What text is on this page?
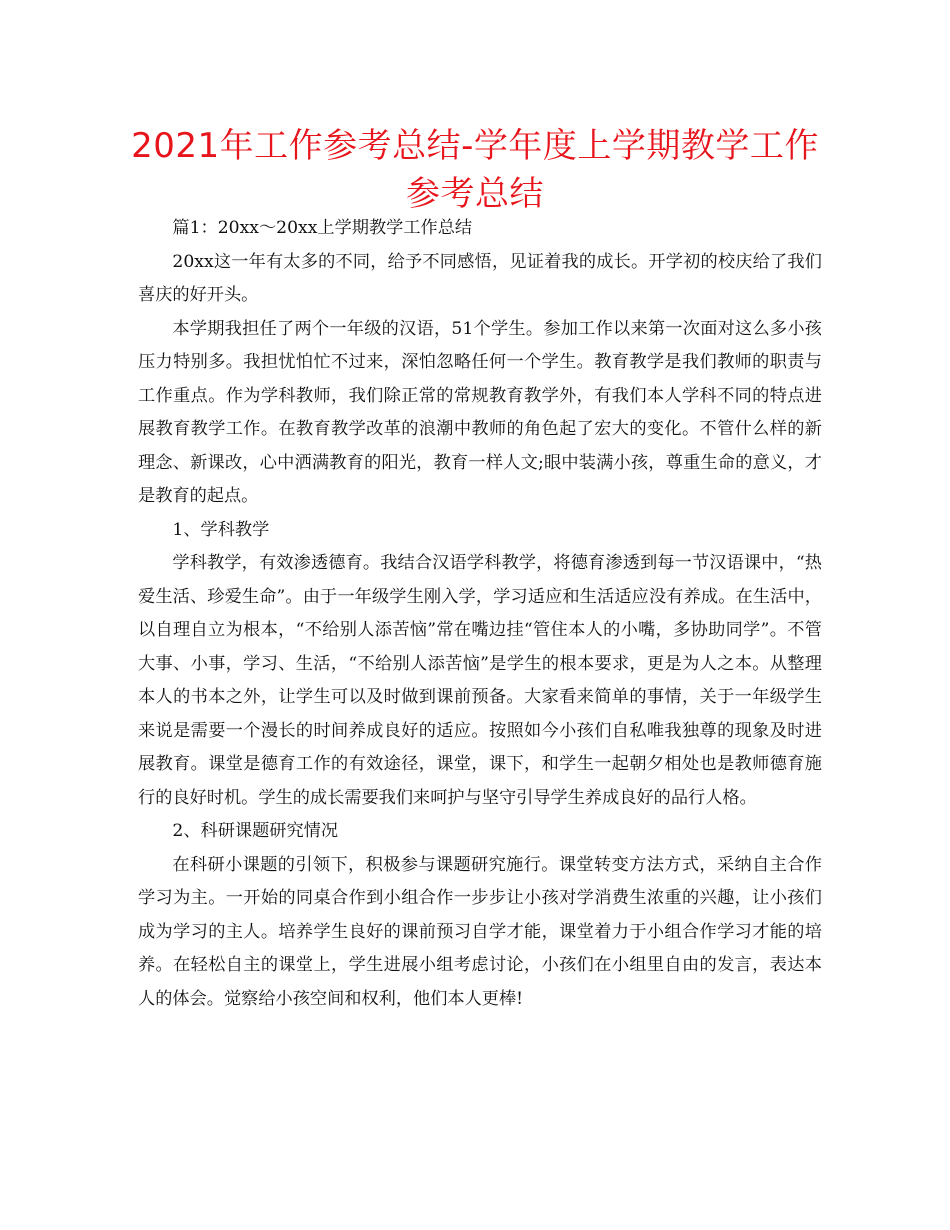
2021年工作参考总结-学年度上学期教学工作参考总结

篇1：20xx～20xx上学期教学工作总结

20xx这一年有太多的不同，给予不同感悟，见证着我的成长。开学初的校庆给了我们喜庆的好开头。

本学期我担任了两个一年级的汉语，51个学生。参加工作以来第一次面对这么多小孩压力特别多。我担忧怕忙不过来，深怕忽略任何一个学生。教育教学是我们教师的职责与工作重点。作为学科教师，我们除正常的常规教育教学外，有我们本人学科不同的特点进展教育教学工作。在教育教学改革的浪潮中教师的角色起了宏大的变化。不管什么样的新理念、新课改，心中洒满教育的阳光，教育一样人文;眼中装满小孩，尊重生命的意义，才是教育的起点。

1、学科教学

学科教学，有效渗透德育。我结合汉语学科教学，将德育渗透到每一节汉语课中，“热爱生活、珍爱生命”。由于一年级学生刚入学，学习适应和生活适应没有养成。在生活中，以自理自立为根本，“不给别人添苦恼”常在嘴边挂“管住本人的小嘴，多协助同学”。不管大事、小事，学习、生活，“不给别人添苦恼”是学生的根本要求，更是为人之本。从整理本人的书本之外，让学生可以及时做到课前预备。大家看来简单的事情，关于一年级学生来说是需要一个漫长的时间养成良好的适应。按照如今小孩们自私唯我独尊的现象及时进展教育。课堂是德育工作的有效途径，课堂，课下，和学生一起朝夕相处也是教师德育施行的良好时机。学生的成长需要我们来呵护与坚守引导学生养成良好的品行人格。

2、科研课题研究情况

在科研小课题的引领下，积极参与课题研究施行。课堂转变方法方式，采纳自主合作学习为主。一开始的同桌合作到小组合作一步步让小孩对学消费生浓重的兴趣，让小孩们成为学习的主人。培养学生良好的课前预习自学才能，课堂着力于小组合作学习才能的培养。在轻松自主的课堂上，学生进展小组考虑讨论，小孩们在小组里自由的发言，表达本人的体会。觉察给小孩空间和权利，他们本人更棒!
